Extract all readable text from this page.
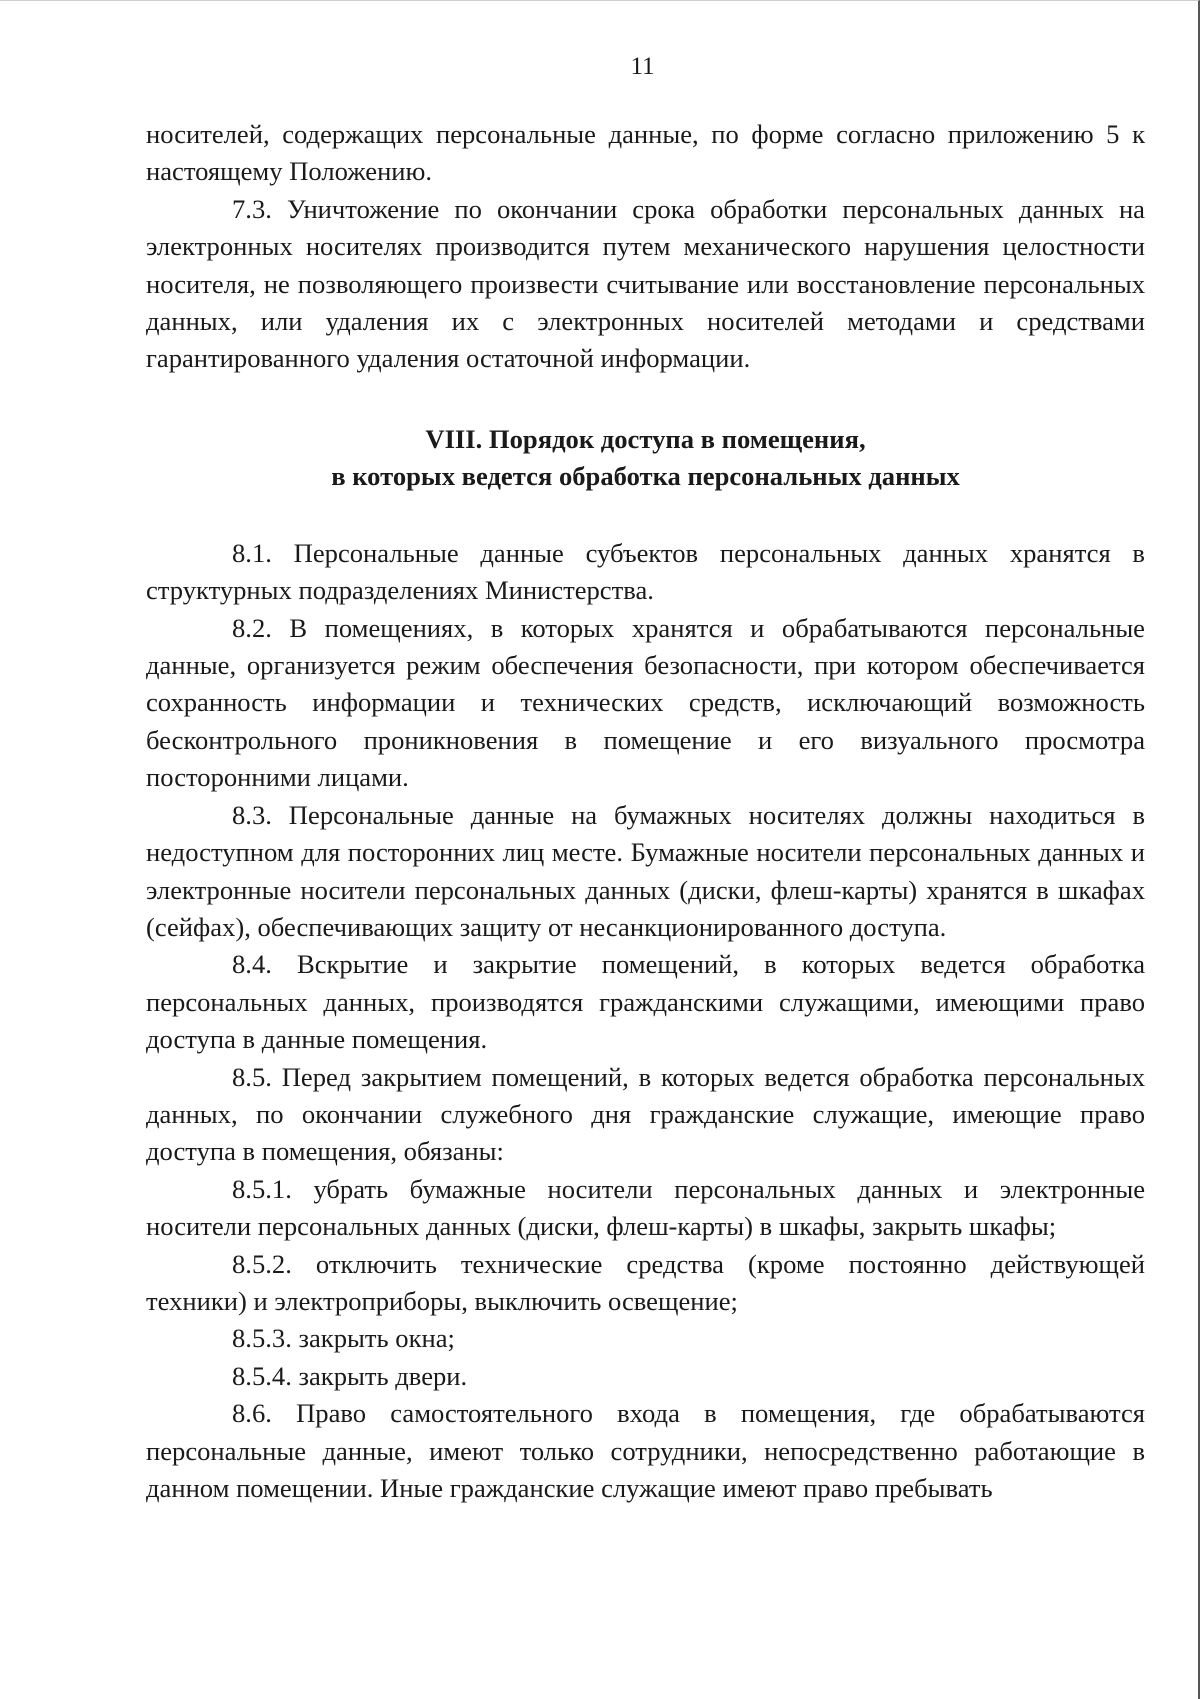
11

носителей, содержащих персональные данные, по форме согласно приложению 5 к настоящему Положению.

7.3. Уничтожение по окончании срока обработки персональных данных на электронных носителях производится путем механического нарушения целостности носителя, не позволяющего произвести считывание или восстановление персональных данных, или удаления их с электронных носителей методами и средствами гарантированного удаления остаточной информации.

VIII. Порядок доступа в помещения,
в которых ведется обработка персональных данных

8.1. Персональные данные субъектов персональных данных хранятся в структурных подразделениях Министерства.

8.2. В помещениях, в которых хранятся и обрабатываются персональные данные, организуется режим обеспечения безопасности, при котором обеспечивается сохранность информации и технических средств, исключающий возможность бесконтрольного проникновения в помещение и его визуального просмотра посторонними лицами.

8.3. Персональные данные на бумажных носителях должны находиться в недоступном для посторонних лиц месте. Бумажные носители персональных данных и электронные носители персональных данных (диски, флеш-карты) хранятся в шкафах (сейфах), обеспечивающих защиту от несанкционированного доступа.

8.4. Вскрытие и закрытие помещений, в которых ведется обработка персональных данных, производятся гражданскими служащими, имеющими право доступа в данные помещения.

8.5. Перед закрытием помещений, в которых ведется обработка персональных данных, по окончании служебного дня гражданские служащие, имеющие право доступа в помещения, обязаны:

8.5.1. убрать бумажные носители персональных данных и электронные носители персональных данных (диски, флеш-карты) в шкафы, закрыть шкафы;

8.5.2. отключить технические средства (кроме постоянно действующей техники) и электроприборы, выключить освещение;

8.5.3. закрыть окна;

8.5.4. закрыть двери.

8.6. Право самостоятельного входа в помещения, где обрабатываются персональные данные, имеют только сотрудники, непосредственно работающие в данном помещении. Иные гражданские служащие имеют право пребывать
